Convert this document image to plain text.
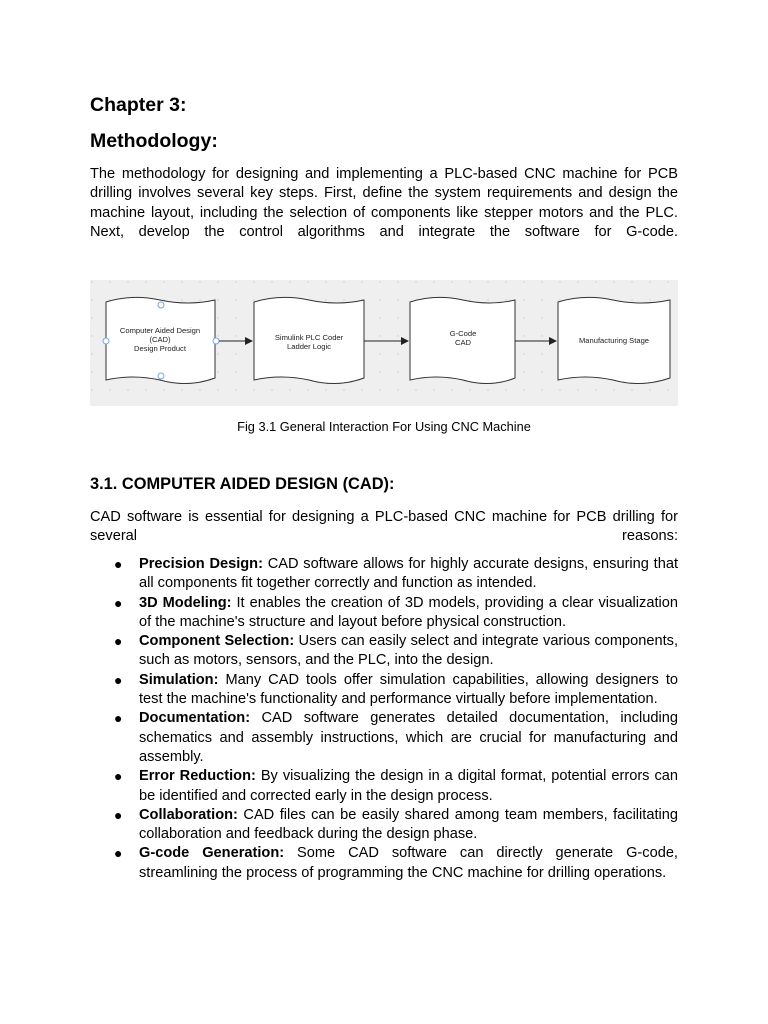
Chapter 3:
Methodology:

The methodology for designing and implementing a PLC-based CNC machine for PCB drilling involves several key steps. First, define the system requirements and design the machine layout, including the selection of components like stepper motors and the PLC. Next, develop the control algorithms and integrate the software for G-code.

Computer Aided Design
(CAD)
Design Product
Simulink PLC Coder
Ladder Logic
G-Code
CAD	Manufacturing Stage
Fig 3.1 General Interaction For Using CNC Machine
3.1. COMPUTER AIDED DESIGN (CAD):

CAD software is essential for designing a PLC-based CNC machine for PCB drilling for several reasons:

● Precision Design: CAD software allows for highly accurate designs, ensuring that all components fit together correctly and function as intended.
● 3D Modeling: It enables the creation of 3D models, providing a clear visualization of the machine's structure and layout before physical construction.
● Component Selection: Users can easily select and integrate various components, such as motors, sensors, and the PLC, into the design.
● Simulation: Many CAD tools offer simulation capabilities, allowing designers to test the machine's functionality and performance virtually before implementation.
● Documentation: CAD software generates detailed documentation, including schematics and assembly instructions, which are crucial for manufacturing and assembly.
● Error Reduction: By visualizing the design in a digital format, potential errors can be identified and corrected early in the design process.
● Collaboration: CAD files can be easily shared among team members, facilitating collaboration and feedback during the design phase.
● G-code Generation: Some CAD software can directly generate G-code, streamlining the process of programming the CNC machine for drilling operations.
